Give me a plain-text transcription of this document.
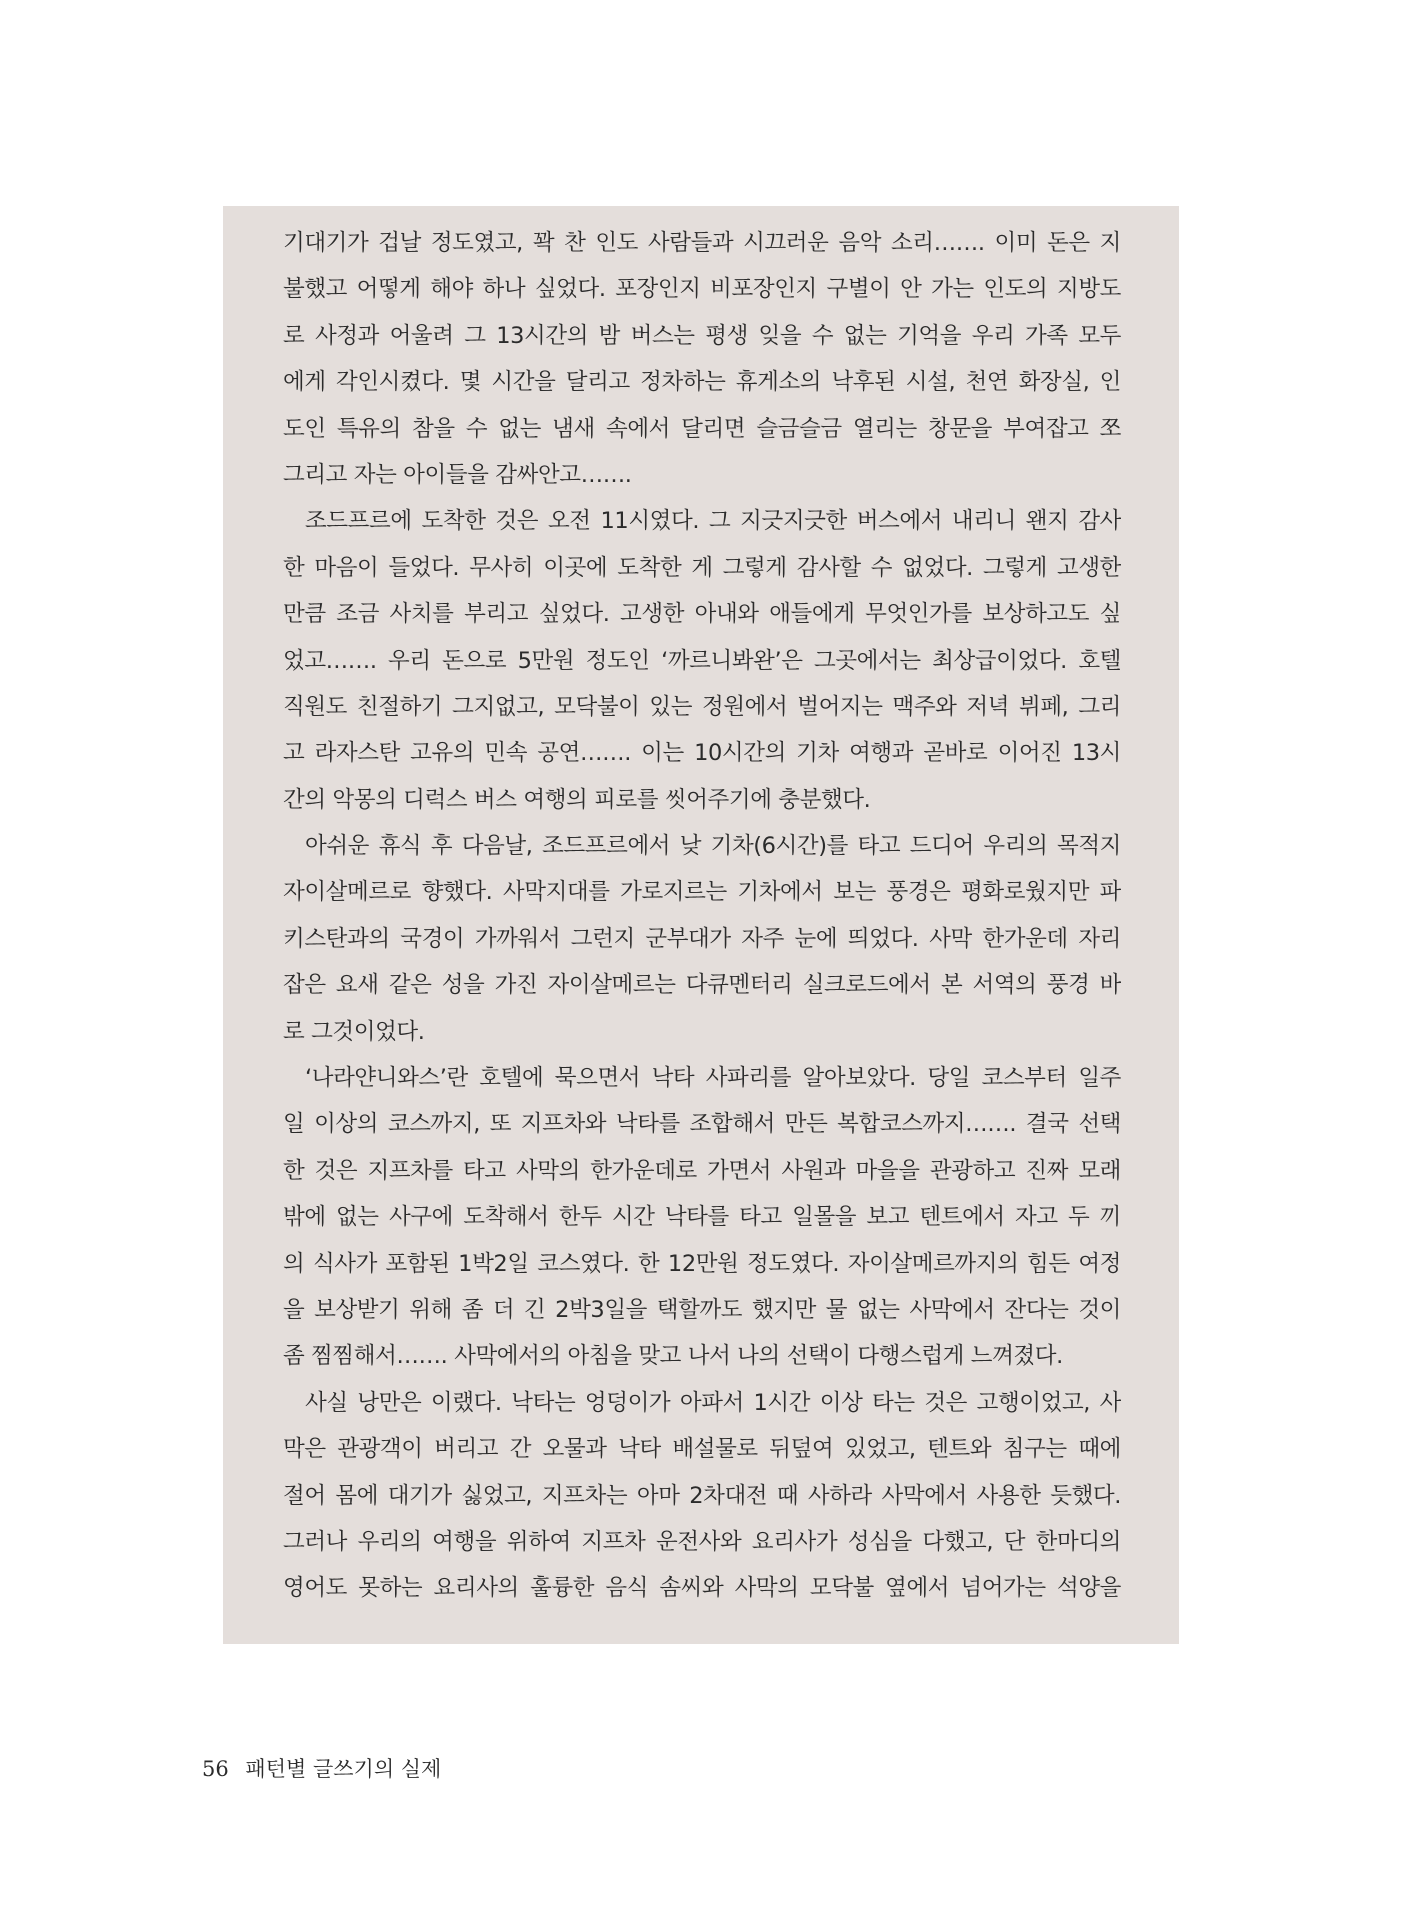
기대기가 겁날 정도였고, 꽉 찬 인도 사람들과 시끄러운 음악 소리……. 이미 돈은 지
불했고 어떻게 해야 하나 싶었다. 포장인지 비포장인지 구별이 안 가는 인도의 지방도
로 사정과 어울려 그 13시간의 밤 버스는 평생 잊을 수 없는 기억을 우리 가족 모두
에게 각인시켰다. 몇 시간을 달리고 정차하는 휴게소의 낙후된 시설, 천연 화장실, 인
도인 특유의 참을 수 없는 냄새 속에서 달리면 슬금슬금 열리는 창문을 부여잡고 쪼
그리고 자는 아이들을 감싸안고…….
조드프르에 도착한 것은 오전 11시였다. 그 지긋지긋한 버스에서 내리니 왠지 감사
한 마음이 들었다. 무사히 이곳에 도착한 게 그렇게 감사할 수 없었다. 그렇게 고생한
만큼 조금 사치를 부리고 싶었다. 고생한 아내와 애들에게 무엇인가를 보상하고도 싶
었고……. 우리 돈으로 5만원 정도인 ‘까르니봐완’은 그곳에서는 최상급이었다. 호텔
직원도 친절하기 그지없고, 모닥불이 있는 정원에서 벌어지는 맥주와 저녁 뷔페, 그리
고 라자스탄 고유의 민속 공연……. 이는 10시간의 기차 여행과 곧바로 이어진 13시
간의 악몽의 디럭스 버스 여행의 피로를 씻어주기에 충분했다.
아쉬운 휴식 후 다음날, 조드프르에서 낮 기차(6시간)를 타고 드디어 우리의 목적지
자이살메르로 향했다. 사막지대를 가로지르는 기차에서 보는 풍경은 평화로웠지만 파
키스탄과의 국경이 가까워서 그런지 군부대가 자주 눈에 띄었다. 사막 한가운데 자리
잡은 요새 같은 성을 가진 자이살메르는 다큐멘터리 실크로드에서 본 서역의 풍경 바
로 그것이었다.
‘나라얀니와스’란 호텔에 묵으면서 낙타 사파리를 알아보았다. 당일 코스부터 일주
일 이상의 코스까지, 또 지프차와 낙타를 조합해서 만든 복합코스까지……. 결국 선택
한 것은 지프차를 타고 사막의 한가운데로 가면서 사원과 마을을 관광하고 진짜 모래
밖에 없는 사구에 도착해서 한두 시간 낙타를 타고 일몰을 보고 텐트에서 자고 두 끼
의 식사가 포함된 1박2일 코스였다. 한 12만원 정도였다. 자이살메르까지의 힘든 여정
을 보상받기 위해 좀 더 긴 2박3일을 택할까도 했지만 물 없는 사막에서 잔다는 것이
좀 찜찜해서……. 사막에서의 아침을 맞고 나서 나의 선택이 다행스럽게 느껴졌다.
사실 낭만은 이랬다. 낙타는 엉덩이가 아파서 1시간 이상 타는 것은 고행이었고, 사
막은 관광객이 버리고 간 오물과 낙타 배설물로 뒤덮여 있었고, 텐트와 침구는 때에
절어 몸에 대기가 싫었고, 지프차는 아마 2차대전 때 사하라 사막에서 사용한 듯했다.
그러나 우리의 여행을 위하여 지프차 운전사와 요리사가 성심을 다했고, 단 한마디의
영어도 못하는 요리사의 훌륭한 음식 솜씨와 사막의 모닥불 옆에서 넘어가는 석양을
56 패턴별 글쓰기의 실제
